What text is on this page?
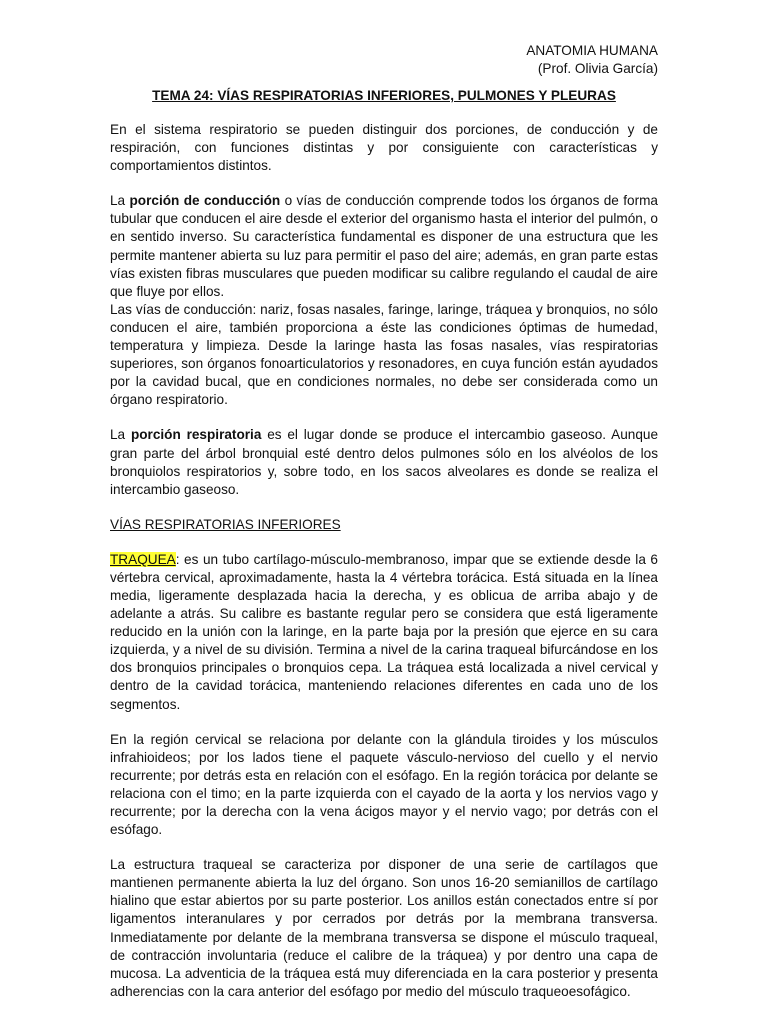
ANATOMIA HUMANA
(Prof. Olivia García)
TEMA 24: VÍAS RESPIRATORIAS INFERIORES, PULMONES Y PLEURAS

En el sistema respiratorio se pueden distinguir dos porciones, de conducción y de respiración, con funciones distintas y por consiguiente con características y comportamientos distintos.

La porción de conducción o vías de conducción comprende todos los órganos de forma tubular que conducen el aire desde el exterior del organismo hasta el interior del pulmón, o en sentido inverso. Su característica fundamental es disponer de una estructura que les permite mantener abierta su luz para permitir el paso del aire; además, en gran parte estas vías existen fibras musculares que pueden modificar su calibre regulando el caudal de aire que fluye por ellos.

Las vías de conducción: nariz, fosas nasales, faringe, laringe, tráquea y bronquios, no sólo conducen el aire, también proporciona a éste las condiciones óptimas de humedad, temperatura y limpieza. Desde la laringe hasta las fosas nasales, vías respiratorias superiores, son órganos fonoarticulatorios y resonadores, en cuya función están ayudados por la cavidad bucal, que en condiciones normales, no debe ser considerada como un órgano respiratorio.

La porción respiratoria es el lugar donde se produce el intercambio gaseoso. Aunque gran parte del árbol bronquial esté dentro delos pulmones sólo en los alvéolos de los bronquiolos respiratorios y, sobre todo, en los sacos alveolares es donde se realiza el intercambio gaseoso.

VÍAS RESPIRATORIAS INFERIORES

TRAQUEA: es un tubo cartílago-músculo-membranoso, impar que se extiende desde la 6 vértebra cervical, aproximadamente, hasta la 4 vértebra torácica. Está situada en la línea media, ligeramente desplazada hacia la derecha, y es oblicua de arriba abajo y de adelante a atrás. Su calibre es bastante regular pero se considera que está ligeramente reducido en la unión con la laringe, en la parte baja por la presión que ejerce en su cara izquierda, y a nivel de su división. Termina a nivel de la carina traqueal bifurcándose en los dos bronquios principales o bronquios cepa. La tráquea está localizada a nivel cervical y dentro de la cavidad torácica, manteniendo relaciones diferentes en cada uno de los segmentos.

En la región cervical se relaciona por delante con la glándula tiroides y los músculos infrahioideos; por los lados tiene el paquete vásculo-nervioso del cuello y el nervio recurrente; por detrás esta en relación con el esófago. En la región torácica por delante se relaciona con el timo; en la parte izquierda con el cayado de la aorta y los nervios vago y recurrente; por la derecha con la vena ácigos mayor y el nervio vago; por detrás con el esófago.

La estructura traqueal se caracteriza por disponer de una serie de cartílagos que mantienen permanente abierta la luz del órgano. Son unos 16-20 semianillos de cartílago hialino que estar abiertos por su parte posterior. Los anillos están conectados entre sí por ligamentos interanulares y por cerrados por detrás por la membrana transversa. Inmediatamente por delante de la membrana transversa se dispone el músculo traqueal, de contracción involuntaria (reduce el calibre de la tráquea) y por dentro una capa de mucosa. La adventicia de la tráquea está muy diferenciada en la cara posterior y presenta adherencias con la cara anterior del esófago por medio del músculo traqueoesofágico.
